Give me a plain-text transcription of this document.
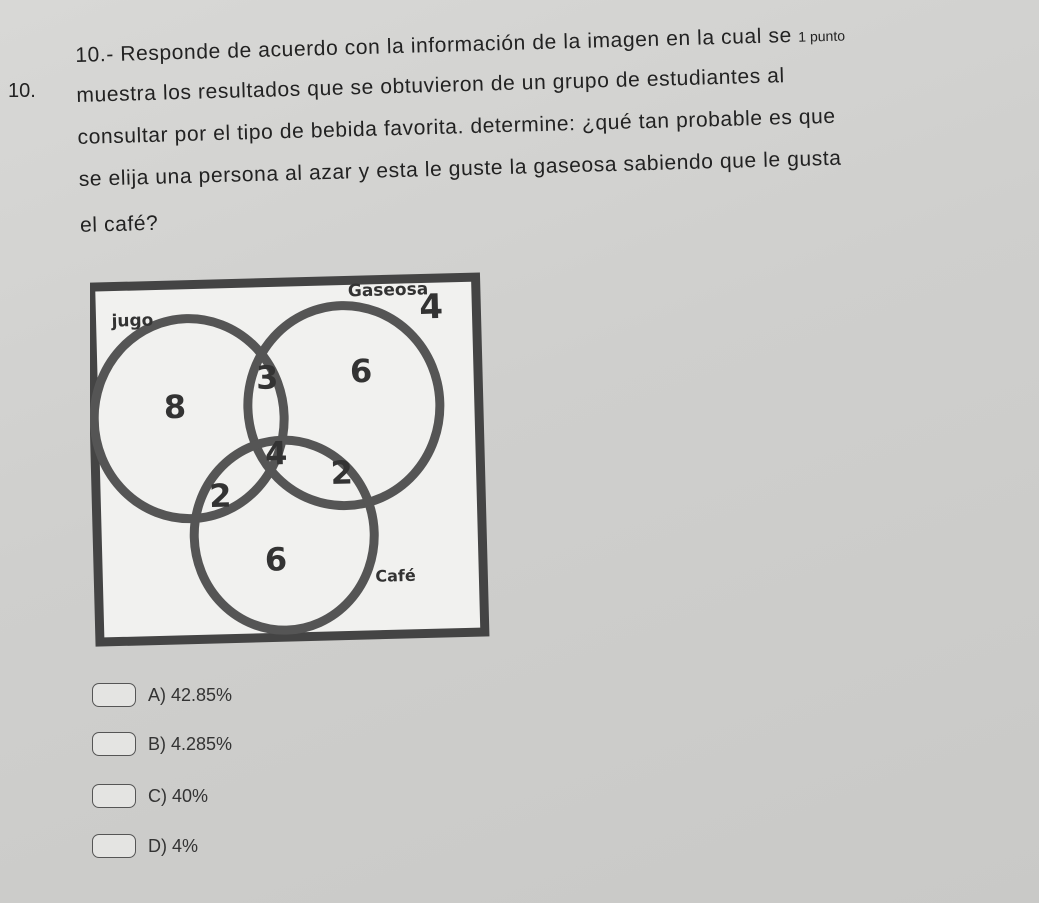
10.
10.- Responde de acuerdo con la información de la imagen en la cual se 1 punto
muestra los resultados que se obtuvieron de un grupo de estudiantes al
consultar por el tipo de bebida favorita. determine: ¿qué tan probable es que
se elija una persona al azar y esta le guste la gaseosa sabiendo que le gusta
el café?
jugo
Gaseosa
Café
8
3 6
4
2
2
6
4
A) 42.85%
B) 4.285%
C) 40%
D) 4%
